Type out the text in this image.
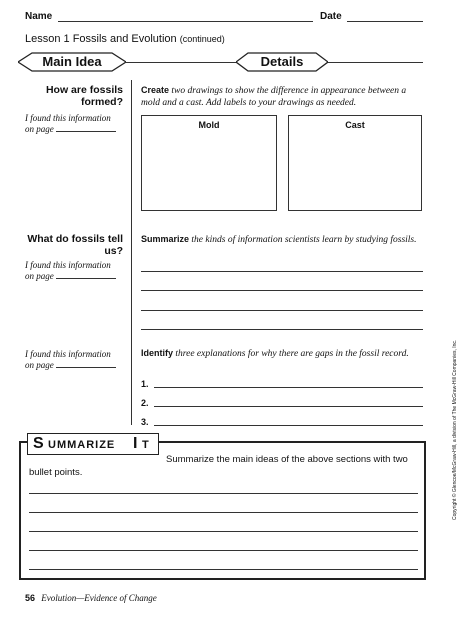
Name	Date
Lesson 1 Fossils and Evolution (continued)
Main Idea	Details
How are fossils formed?
I found this information
on page
Create two drawings to show the difference in appearance between a mold and a cast. Add labels to your drawings as needed.
Mold	Cast
What do fossils tell us?
I found this information
on page
Summarize the kinds of information scientists learn by studying fossils.
I found this information
on page
Identify three explanations for why there are gaps in the fossil record.
1.
2.
3.
S UMMARIZE I T
Summarize the main ideas of the above sections with two
bullet points.
56 Evolution—Evidence of Change
Copyright © Glencoe/McGraw-Hill, a division of The McGraw-Hill Companies, Inc.
